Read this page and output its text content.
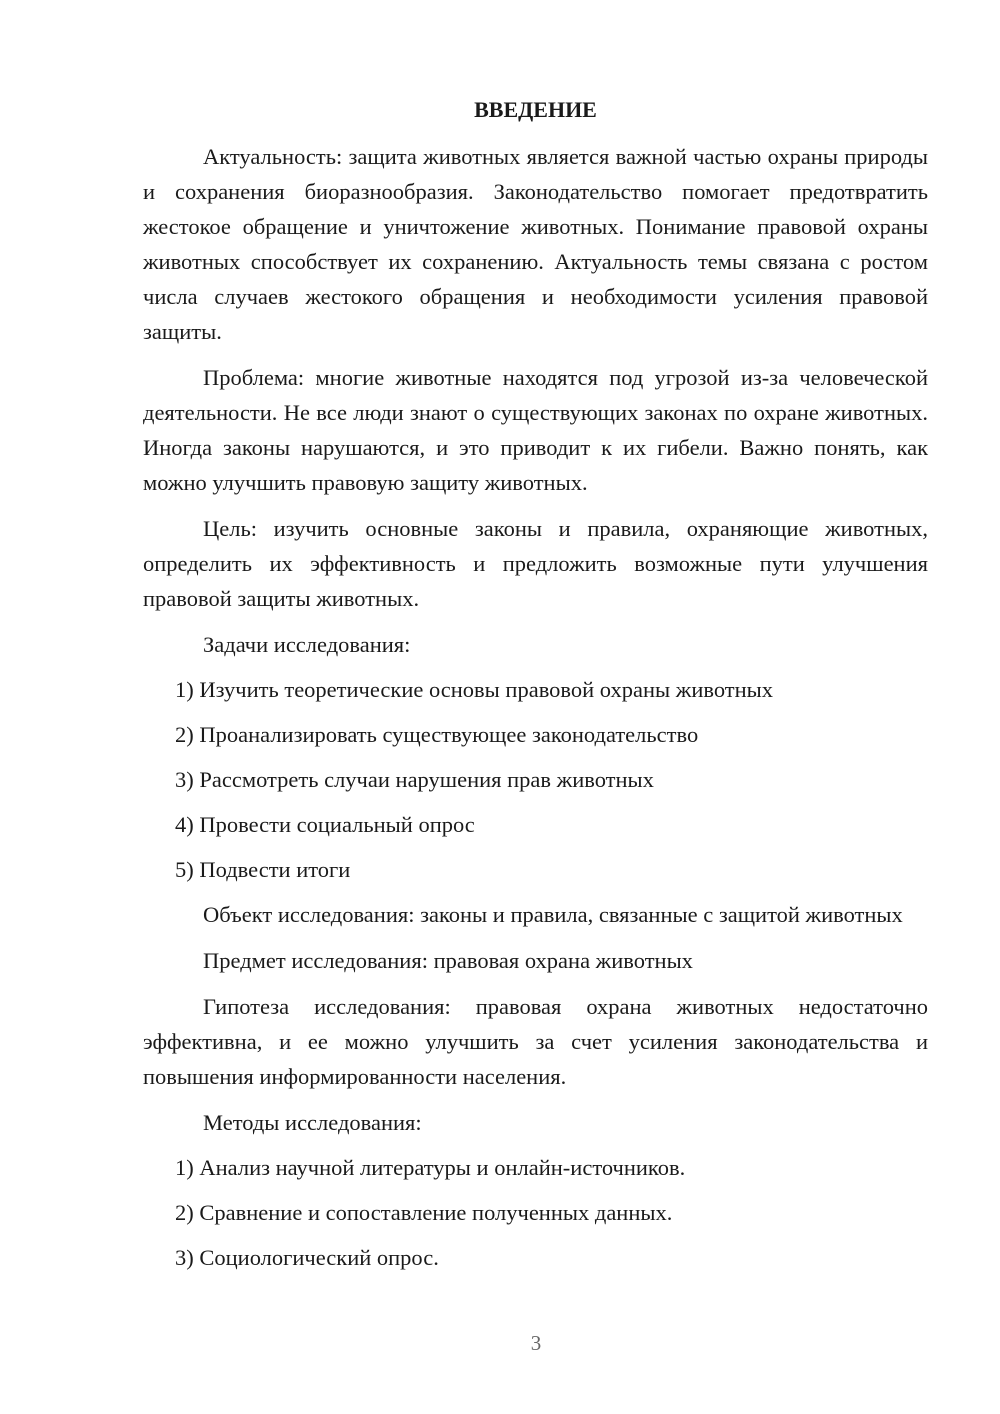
ВВЕДЕНИЕ

Актуальность: защита животных является важной частью охраны природы и сохранения биоразнообразия. Законодательство помогает предотвратить жестокое обращение и уничтожение животных. Понимание правовой охраны животных способствует их сохранению. Актуальность темы связана с ростом числа случаев жестокого обращения и необходимости усиления правовой защиты.

Проблема: многие животные находятся под угрозой из-за человеческой деятельности. Не все люди знают о существующих законах по охране животных. Иногда законы нарушаются, и это приводит к их гибели. Важно понять, как можно улучшить правовую защиту животных.

Цель: изучить основные законы и правила, охраняющие животных, определить их эффективность и предложить возможные пути улучшения правовой защиты животных.

Задачи исследования:

1) Изучить теоретические основы правовой охраны животных

2) Проанализировать существующее законодательство

3) Рассмотреть случаи нарушения прав животных

4) Провести социальный опрос

5) Подвести итоги

Объект исследования: законы и правила, связанные с защитой животных

Предмет исследования: правовая охрана животных

Гипотеза исследования: правовая охрана животных недостаточно эффективна, и ее можно улучшить за счет усиления законодательства и повышения информированности населения.

Методы исследования:

1) Анализ научной литературы и онлайн-источников.

2) Сравнение и сопоставление полученных данных.

3) Социологический опрос.

3
